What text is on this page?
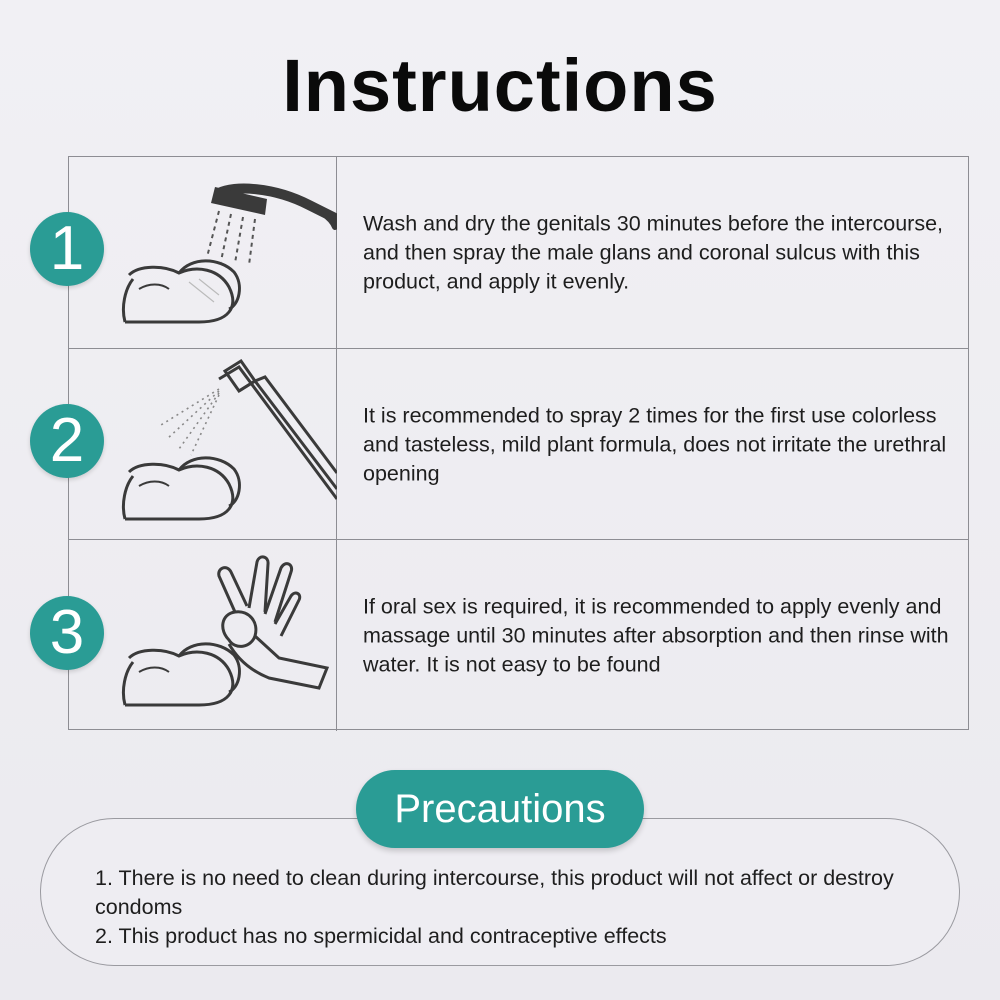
Instructions
Wash and dry the genitals 30 minutes before the intercourse, and then spray the male glans and coronal sulcus with this product, and apply it evenly.
It is recommended to spray 2 times for the first use colorless and tasteless, mild plant formula, does not irritate the urethral opening
If oral sex is required, it is recommended to apply evenly and massage until 30 minutes after absorption and then rinse with water. It is not easy to be found
1
2
3
Precautions
1. There is no need to clean during intercourse, this product will not affect or destroy condoms
2. This product has no spermicidal and contraceptive effects
